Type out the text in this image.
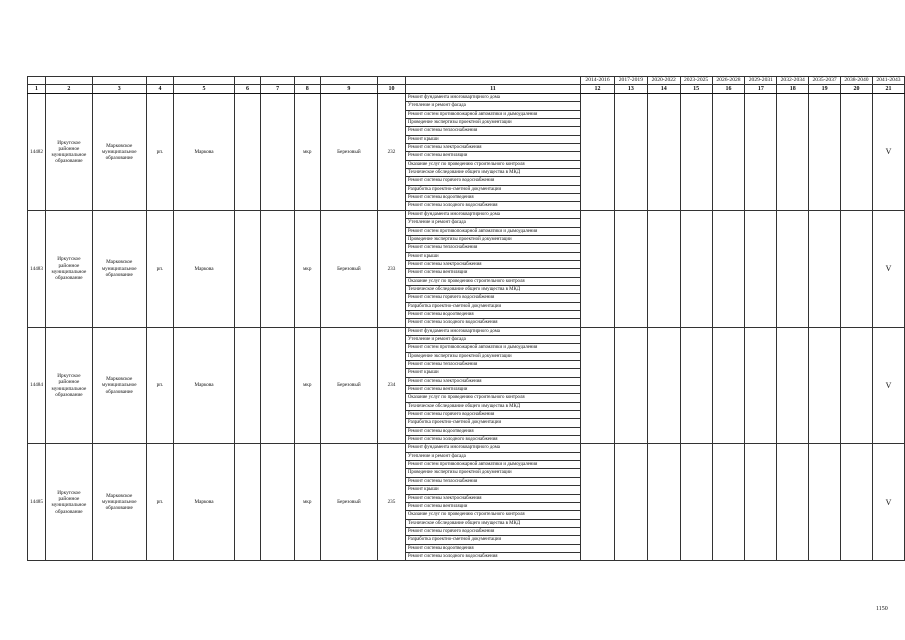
											2014-2016	2017-2019	2020-2022	2023-2025	2026-2028	2029-2031	2032-2034	2035-2037	2038-2040	2041-2043
1	2	3	4	5	6	7	8	9	10	11	12	13	14	15	16	17	18	19	20	21
14482	Иркутское районное муниципальное образование	Марковское муниципальное образование	рп.	Маркова			мкр	Березовый	232	Ремонт фундамента многоквартирного дома										V
										Утепление и ремонт фасада										
										Ремонт систем противопожарной автоматики и дымоудаления										
										Проведение экспертизы проектной документации										
										Ремонт системы теплоснабжения										
										Ремонт крыши										
										Ремонт системы электроснабжения										
										Ремонт системы вентиляции										
										Оказание услуг по проведению строительного контроля										
										Техническое обследование общего имущества в МКД										
										Ремонт системы горячего водоснабжения										
										Разработка проектно-сметной документации										
										Ремонт системы водоотведения										
										Ремонт системы холодного водоснабжения										
14483	Иркутское районное муниципальное образование	Марковское муниципальное образование	рп.	Маркова			мкр	Березовый	233	Ремонт фундамента многоквартирного дома										V
										Утепление и ремонт фасада										
										Ремонт систем противопожарной автоматики и дымоудаления										
										Проведение экспертизы проектной документации										
										Ремонт системы теплоснабжения										
										Ремонт крыши										
										Ремонт системы электроснабжения										
										Ремонт системы вентиляции										
										Оказание услуг по проведению строительного контроля										
										Техническое обследование общего имущества в МКД										
										Ремонт системы горячего водоснабжения										
										Разработка проектно-сметной документации										
										Ремонт системы водоотведения										
										Ремонт системы холодного водоснабжения										
14484	Иркутское районное муниципальное образование	Марковское муниципальное образование	рп.	Маркова			мкр	Березовый	234	Ремонт фундамента многоквартирного дома										V
										Утепление и ремонт фасада										
										Ремонт систем противопожарной автоматики и дымоудаления										
										Проведение экспертизы проектной документации										
										Ремонт системы теплоснабжения										
										Ремонт крыши										
										Ремонт системы электроснабжения										
										Ремонт системы вентиляции										
										Оказание услуг по проведению строительного контроля										
										Техническое обследование общего имущества в МКД										
										Ремонт системы горячего водоснабжения										
										Разработка проектно-сметной документации										
										Ремонт системы водоотведения										
										Ремонт системы холодного водоснабжения										
14485	Иркутское районное муниципальное образование	Марковское муниципальное образование	рп.	Маркова			мкр	Березовый	235	Ремонт фундамента многоквартирного дома										V
										Утепление и ремонт фасада										
										Ремонт систем противопожарной автоматики и дымоудаления										
										Проведение экспертизы проектной документации										
										Ремонт системы теплоснабжения										
										Ремонт крыши										
										Ремонт системы электроснабжения										
										Ремонт системы вентиляции										
										Оказание услуг по проведению строительного контроля										
										Техническое обследование общего имущества в МКД										
										Ремонт системы горячего водоснабжения										
										Разработка проектно-сметной документации										
										Ремонт системы водоотведения										
										Ремонт системы холодного водоснабжения										
1150
